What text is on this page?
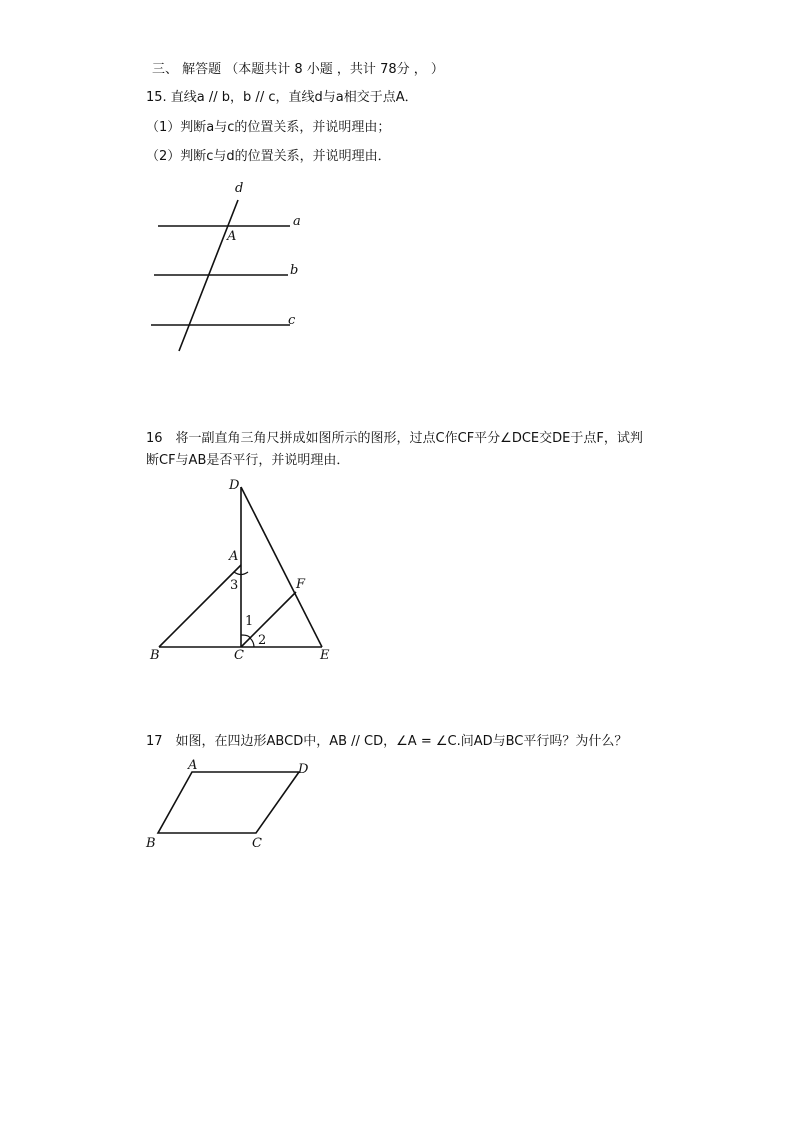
三、 解答题 （本题共计 8 小题 ，共计 78分 ， ）
15. 直线a // b，b // c，直线d与a相交于点A．
（1）判断a与c的位置关系，并说明理由；
（2）判断c与d的位置关系，并说明理由．
d
a
b
c
A
16　将一副直角三角尺拼成如图所示的图形，过点C作CF平分∠DCE交DE于点F，试判
断CF与AB是否平行，并说明理由．
D
A
F
B	C	E
1
2
3
17　如图，在四边形ABCD中，AB // CD，∠A = ∠C.问AD与BC平行吗？为什么？
A	D
B	C
